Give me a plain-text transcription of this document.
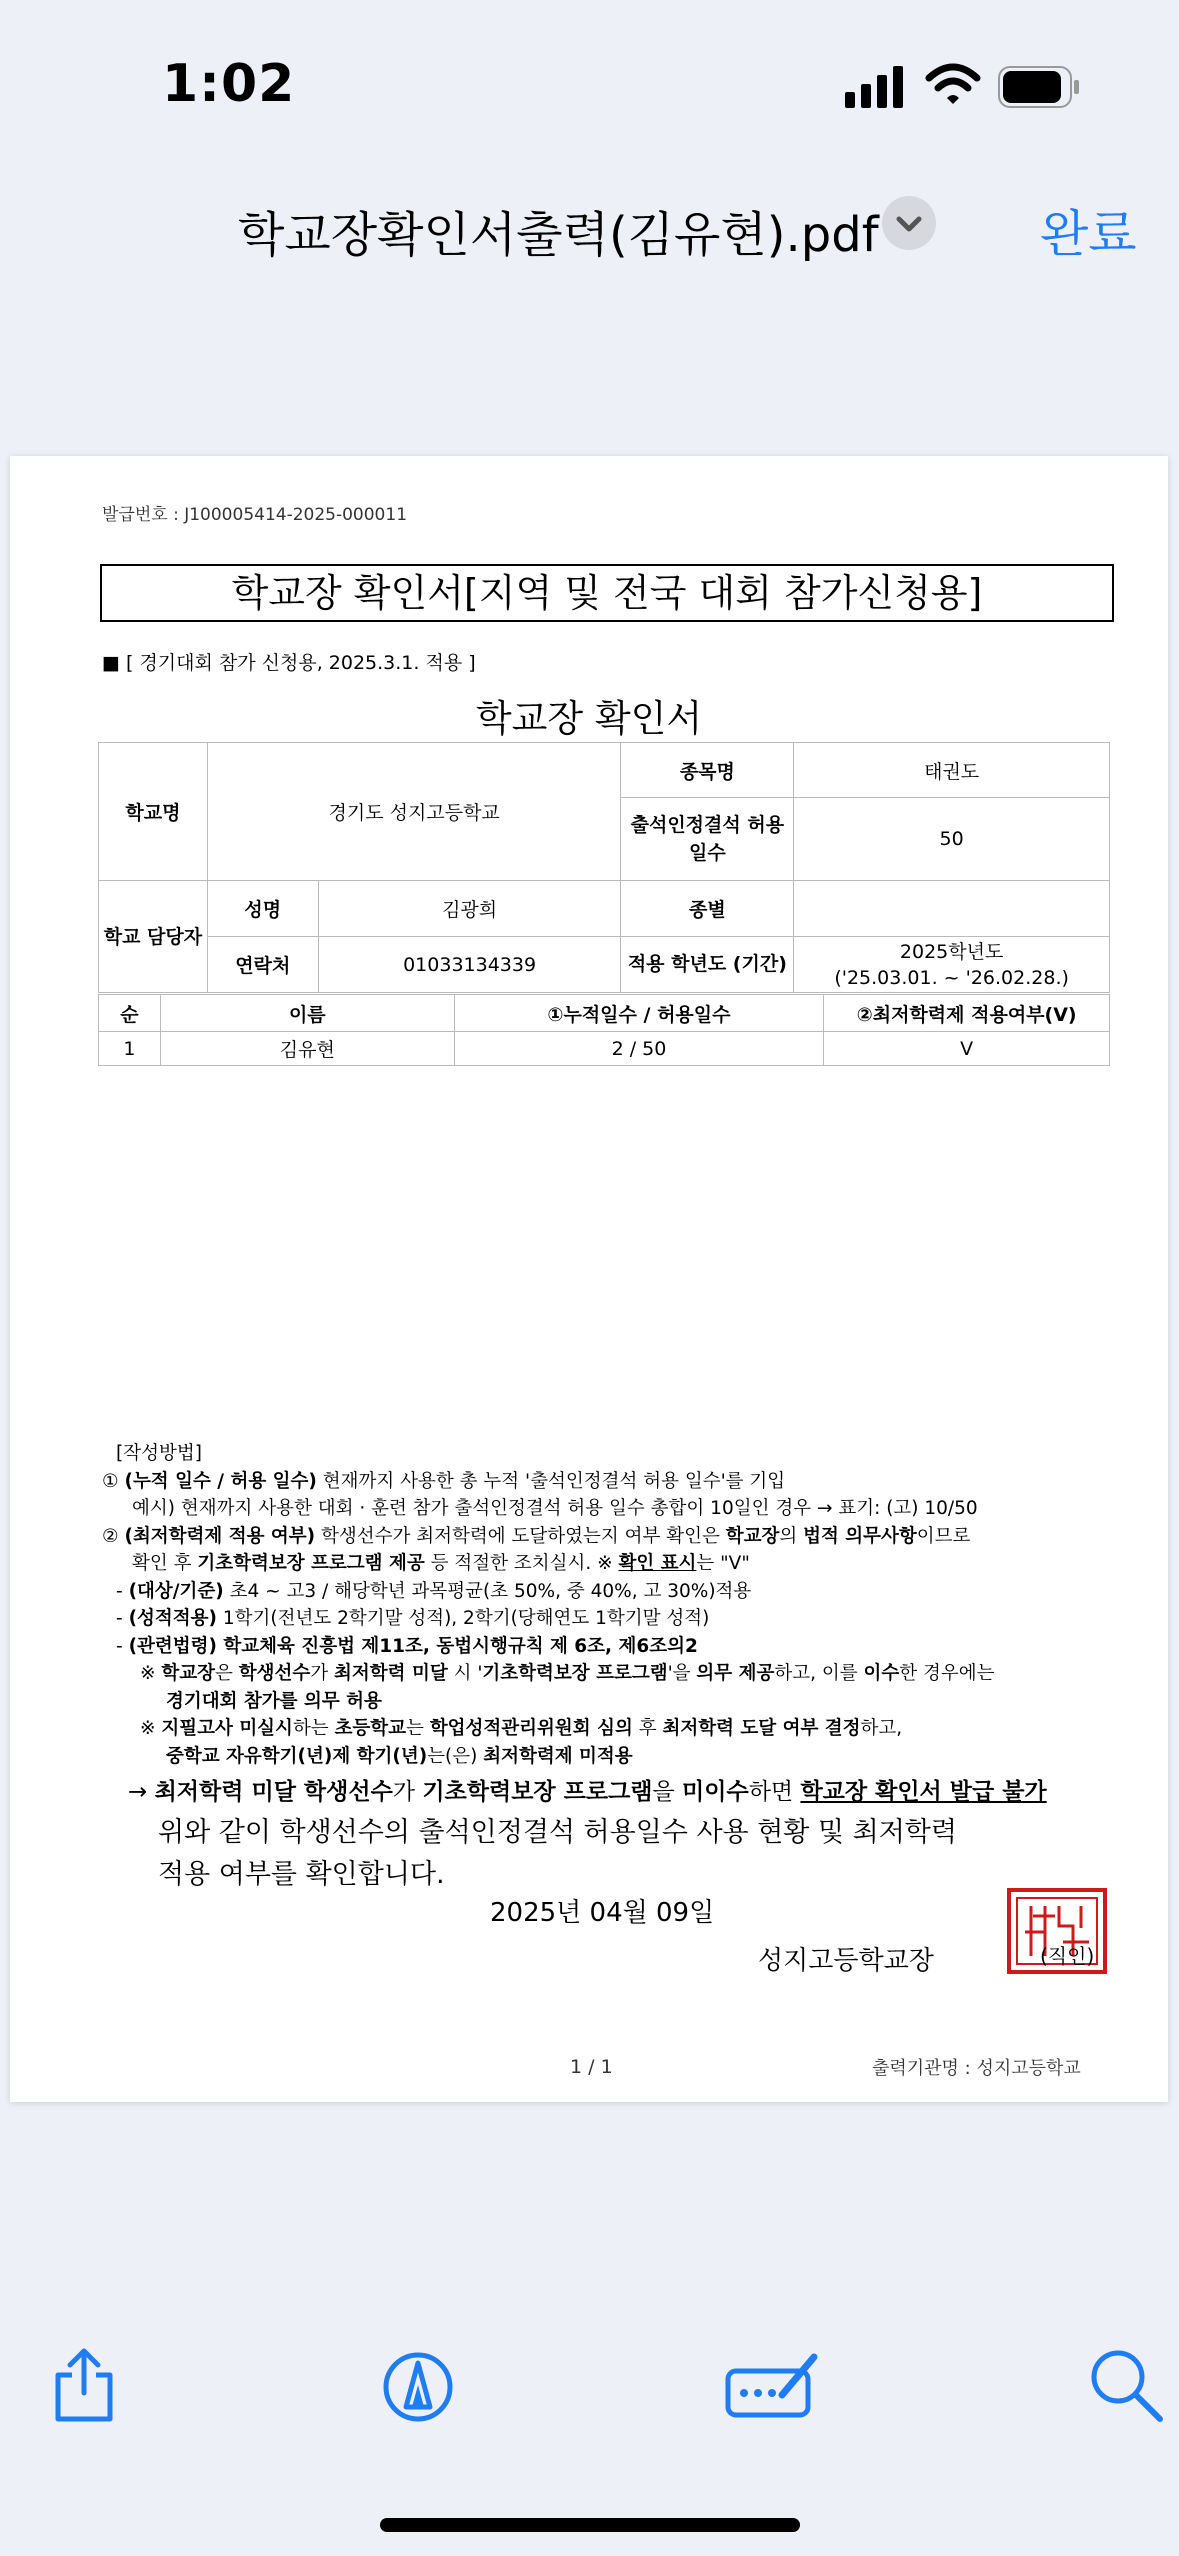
1:02
학교장확인서출력(김유현).pdf	완료
발급번호 : J100005414-2025-000011
학교장 확인서[지역 및 전국 대회 참가신청용]
■ [ 경기대회 참가 신청용, 2025.3.1. 적용 ]
학교장 확인서
학교명	경기도 성지고등학교		종목명	태권도
			출석인정결석 허용일수	50
학교 담당자	성명	김광희	종별	
	연락처	01033134339	적용 학년도 (기간)	2025학년도
('25.03.01. ~ '26.02.28.)
순	이름	①누적일수 / 허용일수	②최저학력제 적용여부(V)
1	김유현	2 / 50	V
[작성방법]
① (누적 일수 / 허용 일수) 현재까지 사용한 총 누적 '출석인정결석 허용 일수'를 기입
예시) 현재까지 사용한 대회 · 훈련 참가 출석인정결석 허용 일수 총합이 10일인 경우 → 표기: (고) 10/50
② (최저학력제 적용 여부) 학생선수가 최저학력에 도달하였는지 여부 확인은 학교장의 법적 의무사항이므로
확인 후 기초학력보장 프로그램 제공 등 적절한 조치실시. ※ 확인 표시는 "V"
- (대상/기준) 초4 ~ 고3 / 해당학년 과목평균(초 50%, 중 40%, 고 30%)적용
- (성적적용) 1학기(전년도 2학기말 성적), 2학기(당해연도 1학기말 성적)
- (관련법령) 학교체육 진흥법 제11조, 동법시행규칙 제 6조, 제6조의2
※ 학교장은 학생선수가 최저학력 미달 시 '기초학력보장 프로그램'을 의무 제공하고, 이를 이수한 경우에는
경기대회 참가를 의무 허용
※ 지필고사 미실시하는 초등학교는 학업성적관리위원회 심의 후 최저학력 도달 여부 결정하고,
중학교 자유학기(년)제 학기(년)는(은) 최저학력제 미적용
→ 최저학력 미달 학생선수가 기초학력보장 프로그램을 미이수하면 학교장 확인서 발급 불가
위와 같이 학생선수의 출석인정결석 허용일수 사용 현황 및 최저학력
적용 여부를 확인합니다.
2025년 04월 09일
성지고등학교장	(직인)
1 / 1	출력기관명 : 성지고등학교
